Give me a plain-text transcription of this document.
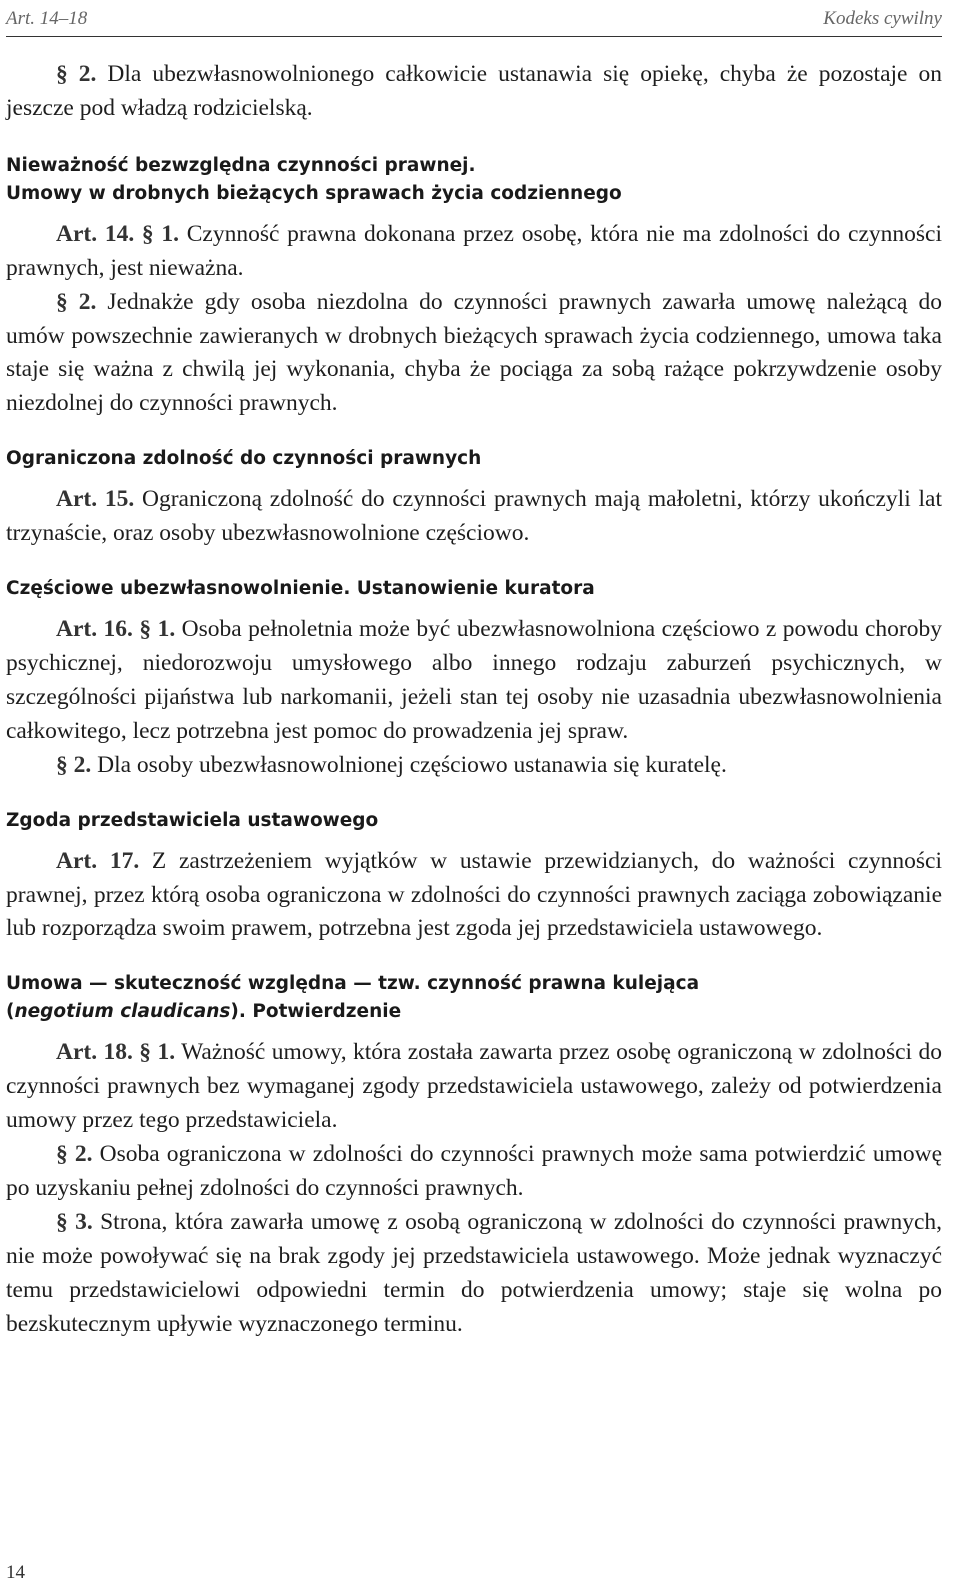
Art. 14–18	Kodeks cywilny

§ 2. Dla ubezwłasnowolnionego całkowicie ustanawia się opiekę, chyba że pozostaje on jeszcze pod władzą rodzicielską.

Nieważność bezwzględna czynności prawnej.
Umowy w drobnych bieżących sprawach życia codziennego

Art. 14. § 1. Czynność prawna dokonana przez osobę, która nie ma zdolności do czynności prawnych, jest nieważna.

§ 2. Jednakże gdy osoba niezdolna do czynności prawnych zawarła umowę należącą do umów powszechnie zawieranych w drobnych bieżących sprawach życia codziennego, umowa taka staje się ważna z chwilą jej wykonania, chyba że pociąga za sobą rażące pokrzywdzenie osoby niezdolnej do czynności prawnych.

Ograniczona zdolność do czynności prawnych

Art. 15. Ograniczoną zdolność do czynności prawnych mają małoletni, którzy ukończyli lat trzynaście, oraz osoby ubezwłasnowolnione częściowo.

Częściowe ubezwłasnowolnienie. Ustanowienie kuratora

Art. 16. § 1. Osoba pełnoletnia może być ubezwłasnowolniona częściowo z powodu choroby psychicznej, niedorozwoju umysłowego albo innego rodzaju zaburzeń psychicznych, w szczególności pijaństwa lub narkomanii, jeżeli stan tej osoby nie uzasadnia ubezwłasnowolnienia całkowitego, lecz potrzebna jest pomoc do prowadzenia jej spraw.

§ 2. Dla osoby ubezwłasnowolnionej częściowo ustanawia się kuratelę.

Zgoda przedstawiciela ustawowego

Art. 17. Z zastrzeżeniem wyjątków w ustawie przewidzianych, do ważności czynności prawnej, przez którą osoba ograniczona w zdolności do czynności prawnych zaciąga zobowiązanie lub rozporządza swoim prawem, potrzebna jest zgoda jej przedstawiciela ustawowego.

Umowa — skuteczność względna — tzw. czynność prawna kulejąca
(negotium claudicans). Potwierdzenie

Art. 18. § 1. Ważność umowy, która została zawarta przez osobę ograniczoną w zdolności do czynności prawnych bez wymaganej zgody przedstawiciela ustawowego, zależy od potwierdzenia umowy przez tego przedstawiciela.

§ 2. Osoba ograniczona w zdolności do czynności prawnych może sama potwierdzić umowę po uzyskaniu pełnej zdolności do czynności prawnych.

§ 3. Strona, która zawarła umowę z osobą ograniczoną w zdolności do czynności prawnych, nie może powoływać się na brak zgody jej przedstawiciela ustawowego. Może jednak wyznaczyć temu przedstawicielowi odpowiedni termin do potwierdzenia umowy; staje się wolna po bezskutecznym upływie wyznaczonego terminu.

14
